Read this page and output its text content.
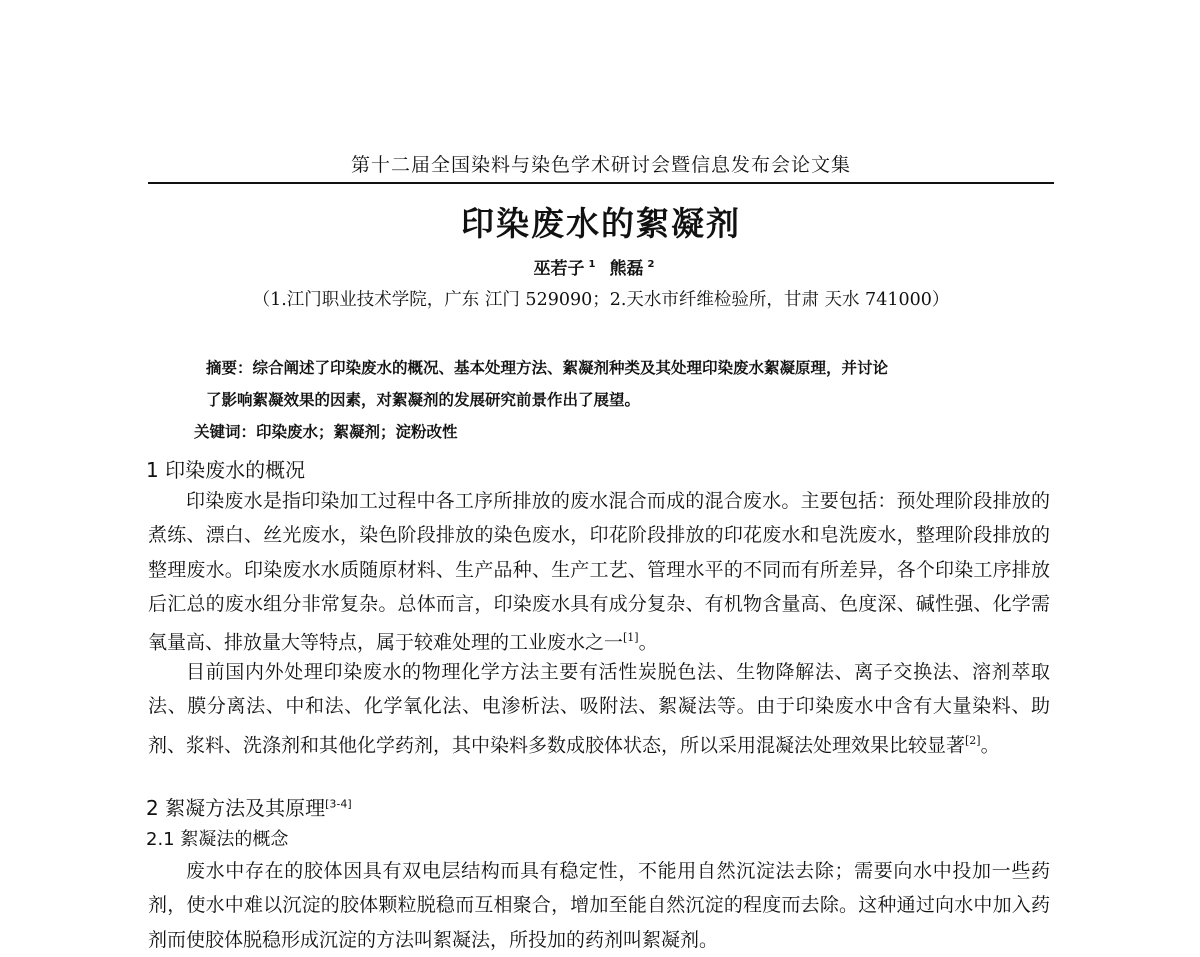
第十二届全国染料与染色学术研讨会暨信息发布会论文集
印染废水的絮凝剂
巫若子 $^1$ 熊磊 $^2$
（1.江门职业技术学院，广东 江门 529090；2.天水市纤维检验所，甘肃 天水 741000）
摘要：综合阐述了印染废水的概况、基本处理方法、絮凝剂种类及其处理印染废水絮凝原理，并讨论
了影响絮凝效果的因素，对絮凝剂的发展研究前景作出了展望。
关键词：印染废水；絮凝剂；淀粉改性
1 印染废水的概况
印染废水是指印染加工过程中各工序所排放的废水混合而成的混合废水。主要包括：预处理阶段排放的煮练、漂白、丝光废水，染色阶段排放的染色废水，印花阶段排放的印花废水和皂洗废水，整理阶段排放的整理废水。印染废水水质随原材料、生产品种、生产工艺、管理水平的不同而有所差异，各个印染工序排放后汇总的废水组分非常复杂。总体而言，印染废水具有成分复杂、有机物含量高、色度深、碱性强、化学需氧量高、排放量大等特点，属于较难处理的工业废水之一[1]。
目前国内外处理印染废水的物理化学方法主要有活性炭脱色法、生物降解法、离子交换法、溶剂萃取法、膜分离法、中和法、化学氧化法、电渗析法、吸附法、絮凝法等。由于印染废水中含有大量染料、助剂、浆料、洗涤剂和其他化学药剂，其中染料多数成胶体状态，所以采用混凝法处理效果比较显著[2]。
2 絮凝方法及其原理[3-4]
2.1 絮凝法的概念
废水中存在的胶体因具有双电层结构而具有稳定性，不能用自然沉淀法去除；需要向水中投加一些药剂，使水中难以沉淀的胶体颗粒脱稳而互相聚合，增加至能自然沉淀的程度而去除。这种通过向水中加入药剂而使胶体脱稳形成沉淀的方法叫絮凝法，所投加的药剂叫絮凝剂。
